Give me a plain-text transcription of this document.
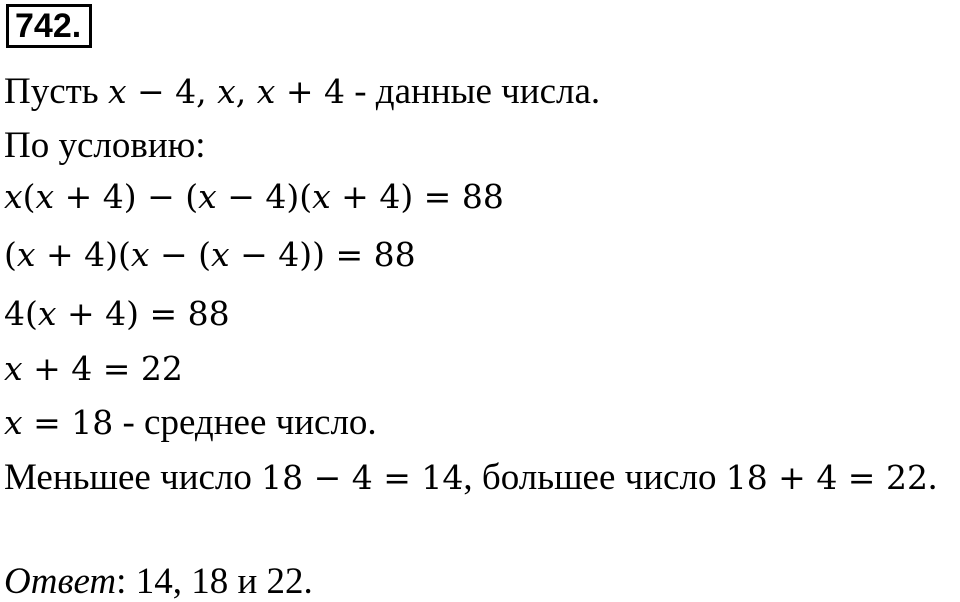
742.
Пусть 𝑥 − 4, 𝑥, 𝑥 + 4 - данные числа.
По условию:
𝑥(𝑥 + 4) − (𝑥 − 4)(𝑥 + 4) = 88
(𝑥 + 4)(𝑥 − (𝑥 − 4)) = 88
4(𝑥 + 4) = 88
𝑥 + 4 = 22
𝑥 = 18 - среднее число.
Меньшее число 18 − 4 = 14, большее число 18 + 4 = 22.
Ответ: 14, 18 и 22.
